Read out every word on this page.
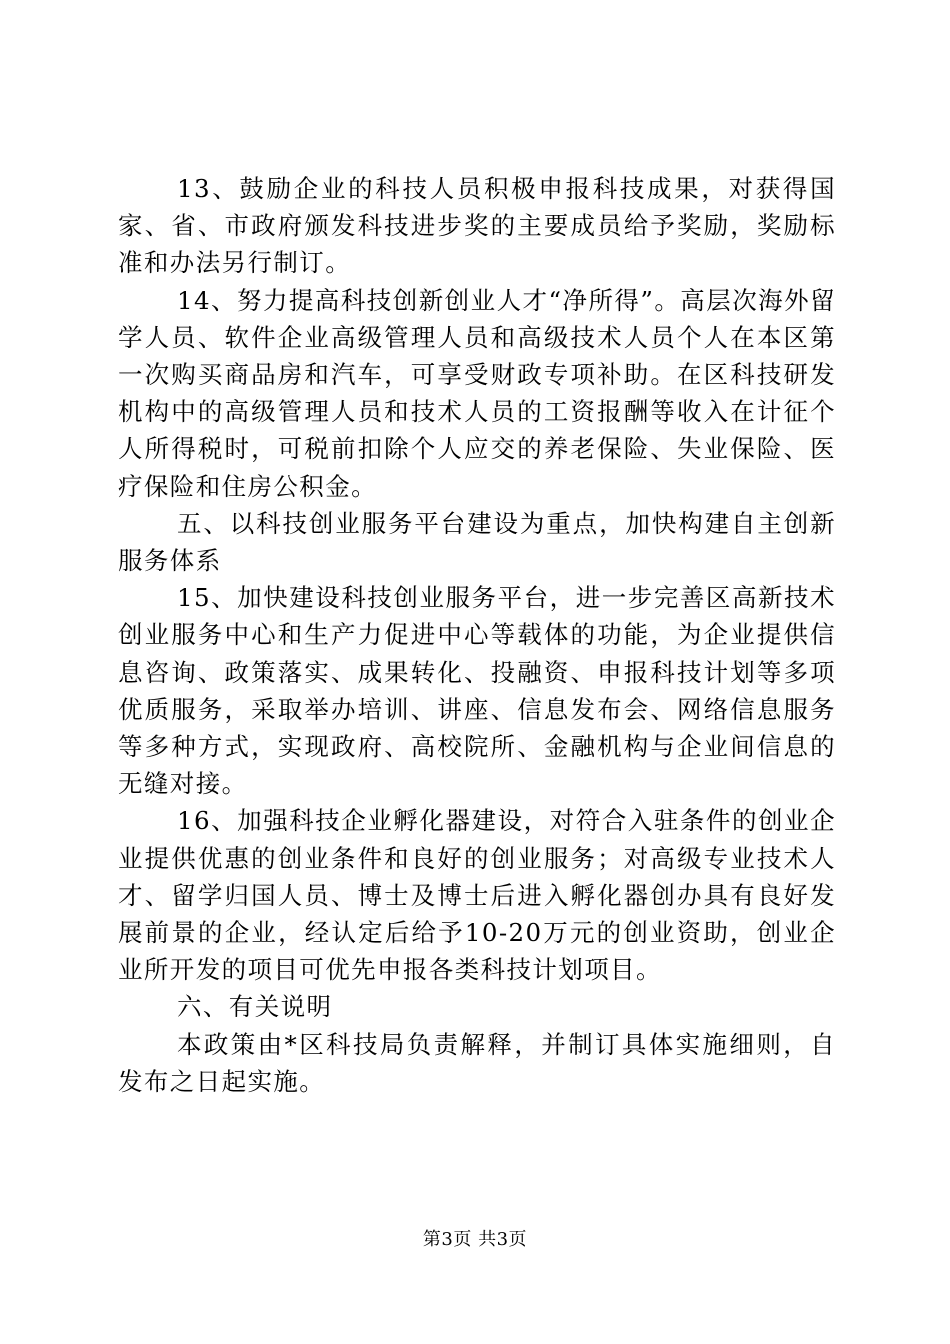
13、鼓励企业的科技人员积极申报科技成果，对获得国家、省、市政府颁发科技进步奖的主要成员给予奖励，奖励标准和办法另行制订。

14、努力提高科技创新创业人才“净所得”。高层次海外留学人员、软件企业高级管理人员和高级技术人员个人在本区第一次购买商品房和汽车，可享受财政专项补助。在区科技研发机构中的高级管理人员和技术人员的工资报酬等收入在计征个人所得税时，可税前扣除个人应交的养老保险、失业保险、医疗保险和住房公积金。

五、以科技创业服务平台建设为重点，加快构建自主创新服务体系

15、加快建设科技创业服务平台，进一步完善区高新技术创业服务中心和生产力促进中心等载体的功能，为企业提供信息咨询、政策落实、成果转化、投融资、申报科技计划等多项优质服务，采取举办培训、讲座、信息发布会、网络信息服务等多种方式，实现政府、高校院所、金融机构与企业间信息的无缝对接。

16、加强科技企业孵化器建设，对符合入驻条件的创业企业提供优惠的创业条件和良好的创业服务；对高级专业技术人才、留学归国人员、博士及博士后进入孵化器创办具有良好发展前景的企业，经认定后给予10-20万元的创业资助，创业企业所开发的项目可优先申报各类科技计划项目。

六、有关说明

本政策由*区科技局负责解释，并制订具体实施细则，自发布之日起实施。

第3页 共3页
